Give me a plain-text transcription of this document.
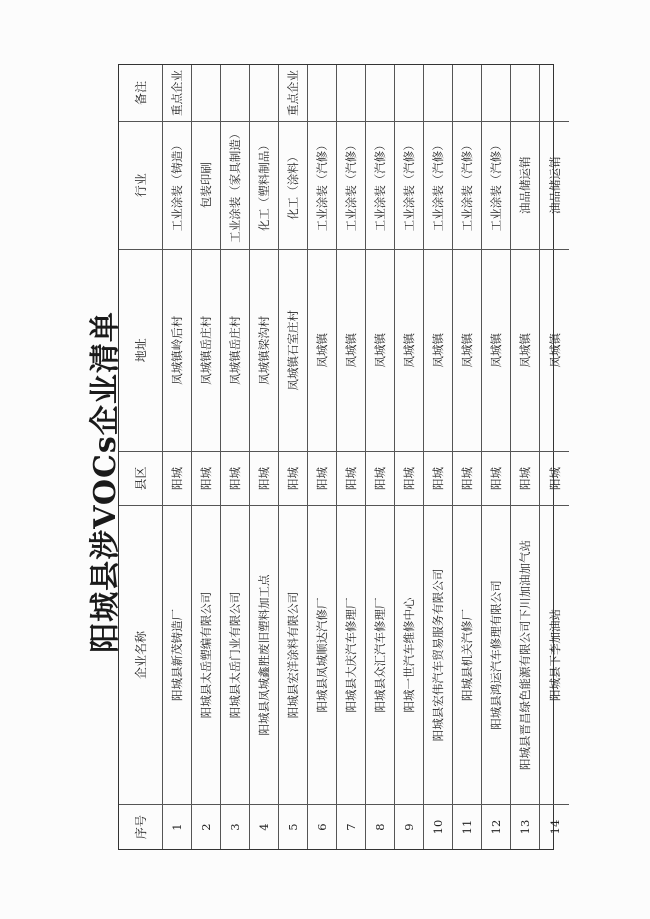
阳城县涉VOCs企业清单
序号
企业名称
县区
地址
行业
备注
1
阳城县新茂铸造厂
阳城
凤城镇岭后村
工业涂装（铸造）
重点企业
2
阳城县太岳塑编有限公司
阳城
凤城镇岳庄村
包装印刷
3
阳城县太岳门业有限公司
阳城
凤城镇岳庄村
工业涂装（家具制造）
4
阳城县凤城鑫胜废旧塑料加工点
阳城
凤城镇梁沟村
化工（塑料制品）
5
阳城县宏洋涂料有限公司
阳城
凤城镇石室庄村
化工（涂料）
重点企业
6
阳城县凤城顺达汽修厂
阳城
凤城镇
工业涂装（汽修）
7
阳城县大庆汽车修理厂
阳城
凤城镇
工业涂装（汽修）
8
阳城县众汇汽车修理厂
阳城
凤城镇
工业涂装（汽修）
9
阳城一世汽车维修中心
阳城
凤城镇
工业涂装（汽修）
10
阳城县宏伟汽车贸易服务有限公司
阳城
凤城镇
工业涂装（汽修）
11
阳城县机关汽修厂
阳城
凤城镇
工业涂装（汽修）
12
阳城县鸿运汽车修理有限公司
阳城
凤城镇
工业涂装（汽修）
13
阳城县晋昌绿色能源有限公司下川加油加气站
阳城
凤城镇
油品储运销
14
阳城县下李加油站
阳城
凤城镇
油品储运销
